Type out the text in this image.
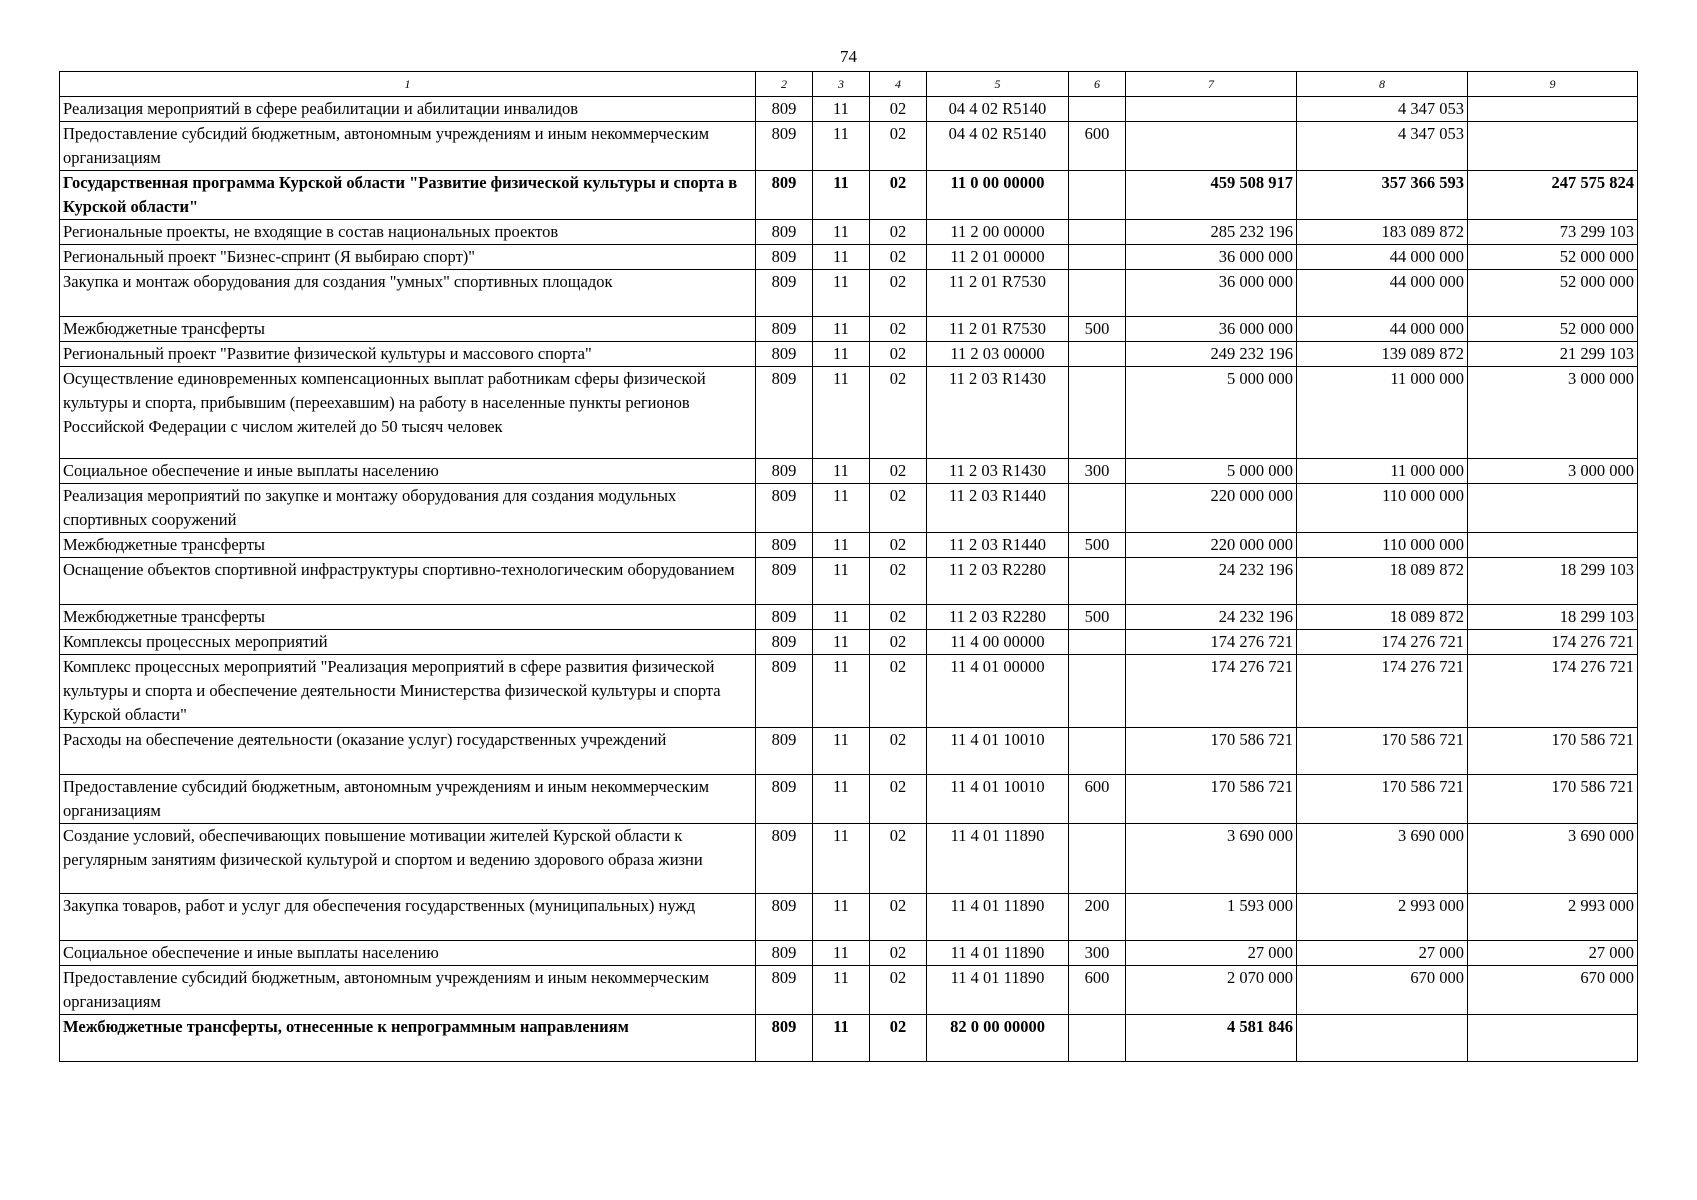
74
1	2	3	4	5	6	7	8	9
Реализация мероприятий в сфере реабилитации и абилитации инвалидов	809	11	02	04 4 02 R5140			4 347 053	
Предоставление субсидий бюджетным, автономным учреждениям и иным некоммерческим организациям	809	11	02	04 4 02 R5140	600		4 347 053	
Государственная программа Курской области "Развитие физической культуры и спорта в Курской области"	809	11	02	11 0 00 00000		459 508 917	357 366 593	247 575 824
Региональные проекты, не входящие в состав национальных проектов	809	11	02	11 2 00 00000		285 232 196	183 089 872	73 299 103
Региональный проект "Бизнес-спринт (Я выбираю спорт)"	809	11	02	11 2 01 00000		36 000 000	44 000 000	52 000 000
Закупка и монтаж оборудования для создания "умных" спортивных площадок	809	11	02	11 2 01 R7530		36 000 000	44 000 000	52 000 000
Межбюджетные трансферты	809	11	02	11 2 01 R7530	500	36 000 000	44 000 000	52 000 000
Региональный проект "Развитие физической культуры и массового спорта"	809	11	02	11 2 03 00000		249 232 196	139 089 872	21 299 103
Осуществление единовременных компенсационных выплат работникам сферы физической культуры и спорта, прибывшим (переехавшим) на работу в населенные пункты регионов Российской Федерации с числом жителей до 50 тысяч человек	809	11	02	11 2 03 R1430		5 000 000	11 000 000	3 000 000
Социальное обеспечение и иные выплаты населению	809	11	02	11 2 03 R1430	300	5 000 000	11 000 000	3 000 000
Реализация мероприятий по закупке и монтажу оборудования для создания модульных спортивных сооружений	809	11	02	11 2 03 R1440		220 000 000	110 000 000	
Межбюджетные трансферты	809	11	02	11 2 03 R1440	500	220 000 000	110 000 000	
Оснащение объектов спортивной инфраструктуры спортивно-технологическим оборудованием	809	11	02	11 2 03 R2280		24 232 196	18 089 872	18 299 103
Межбюджетные трансферты	809	11	02	11 2 03 R2280	500	24 232 196	18 089 872	18 299 103
Комплексы процессных мероприятий	809	11	02	11 4 00 00000		174 276 721	174 276 721	174 276 721
Комплекс процессных мероприятий "Реализация мероприятий в сфере развития физической культуры и спорта и обеспечение деятельности Министерства физической культуры и спорта Курской области"	809	11	02	11 4 01 00000		174 276 721	174 276 721	174 276 721
Расходы на обеспечение деятельности (оказание услуг) государственных учреждений	809	11	02	11 4 01 10010		170 586 721	170 586 721	170 586 721
Предоставление субсидий бюджетным, автономным учреждениям и иным некоммерческим организациям	809	11	02	11 4 01 10010	600	170 586 721	170 586 721	170 586 721
Создание условий, обеспечивающих повышение мотивации жителей Курской области к регулярным занятиям физической культурой и спортом и ведению здорового образа жизни	809	11	02	11 4 01 11890		3 690 000	3 690 000	3 690 000
Закупка товаров, работ и услуг для обеспечения государственных (муниципальных) нужд	809	11	02	11 4 01 11890	200	1 593 000	2 993 000	2 993 000
Социальное обеспечение и иные выплаты населению	809	11	02	11 4 01 11890	300	27 000	27 000	27 000
Предоставление субсидий бюджетным, автономным учреждениям и иным некоммерческим организациям	809	11	02	11 4 01 11890	600	2 070 000	670 000	670 000
Межбюджетные трансферты, отнесенные к непрограммным направлениям	809	11	02	82 0 00 00000		4 581 846		
